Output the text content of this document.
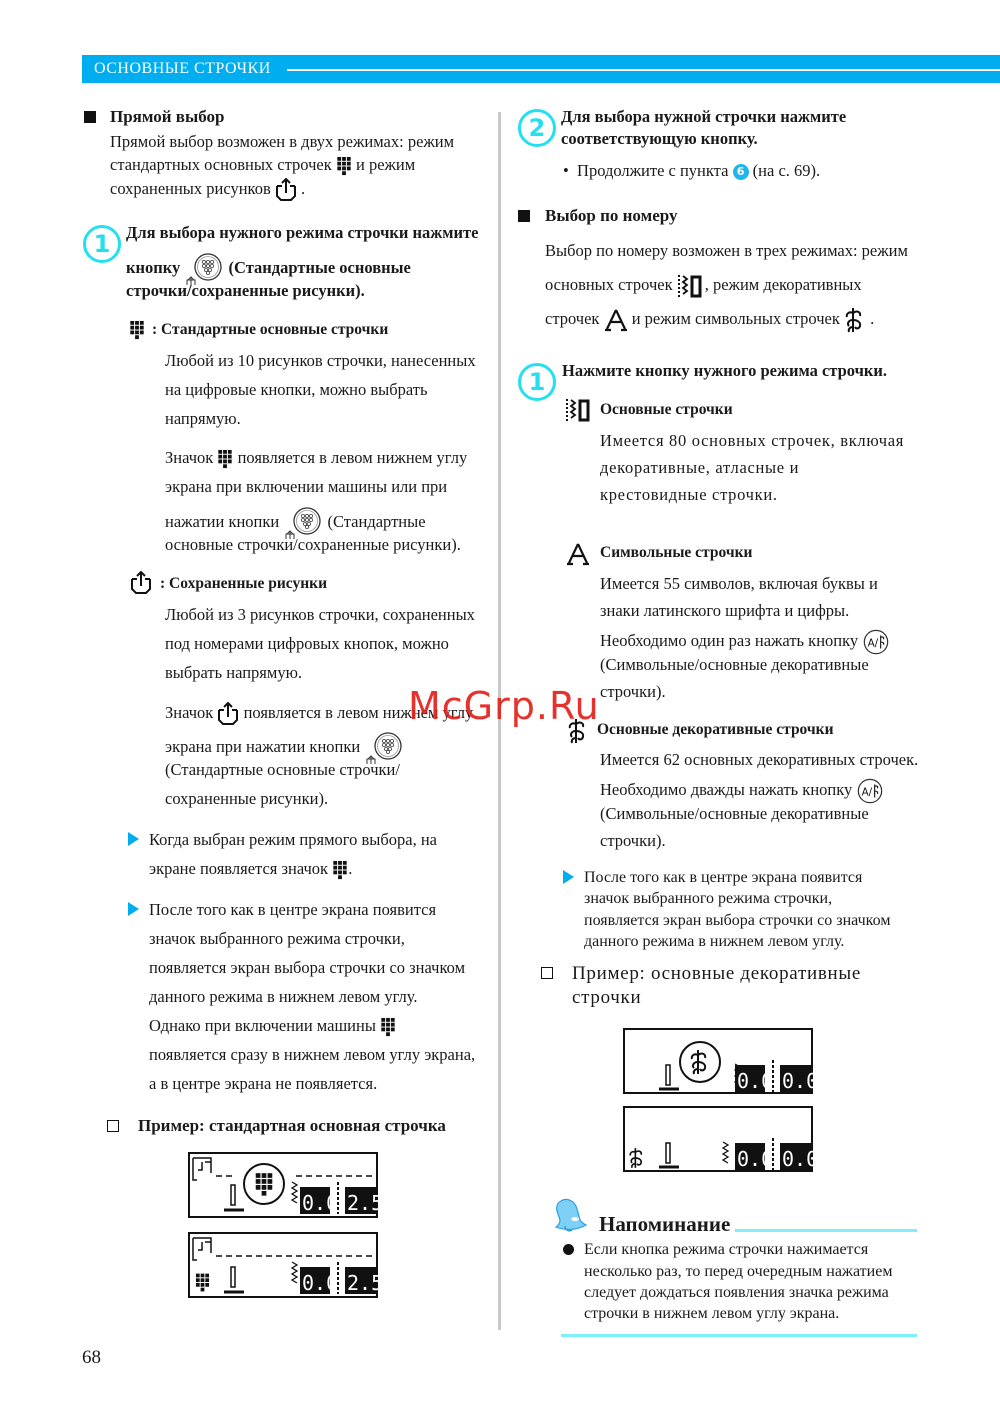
ОСНОВНЫЕ СТРОЧКИ
Прямой выбор
Прямой выбор возможен в двух режимах: режим
стандартных основных строчек и режим
сохраненных рисунков .
1 Для выбора нужного режима строчки нажмите
кнопку	(Стандартные основные
строчки/сохраненные рисунки).
: Стандартные основные строчки
Любой из 10 рисунков строчки, нанесенных
на цифровые кнопки, можно выбрать
напрямую.
Значок появляется в левом нижнем углу
экрана при включении машины или при
нажатии кнопки	(Стандартные
основные строчки/сохраненные рисунки).
: Сохраненные рисунки
Любой из 3 рисунков строчки, сохраненных
под номерами цифровых кнопок, можно
выбрать напрямую.
Значок появляется в левом нижнем углу
экрана при нажатии кнопки
(Стандартные основные строчки/
сохраненные рисунки).
Когда выбран режим прямого выбора, на
экране появляется значок .
После того как в центре экрана появится
значок выбранного режима строчки,
появляется экран выбора строчки со значком
данного режима в нижнем левом углу.
Однако при включении машины
появляется сразу в нижнем левом углу экрана,
а в центре экрана не появляется.
Пример: стандартная основная строчка
0.0 2.5
0.0 2.5
68
2 Для выбора нужной строчки нажмите
соответствующую кнопку.
• Продолжите с пункта 6 (на с. 69).
Выбор по номеру
Выбор по номеру возможен в трех режимах: режим
основных строчек , режим декоративных
строчек и режим символьных строчек .
1	Нажмите кнопку нужного режима строчки.
Основные строчки
Имеется 80 основных строчек, включая
декоративные, атласные и
крестовидные строчки.
Символьные строчки
Имеется 55 символов, включая буквы и
знаки латинского шрифта и цифры.
Необходимо один раз нажать кнопку
(Символьные/основные декоративные
строчки).
Основные декоративные строчки
Имеется 62 основных декоративных строчек.
Необходимо дважды нажать кнопку
(Символьные/основные декоративные
строчки).
После того как в центре экрана появится
значок выбранного режима строчки,
появляется экран выбора строчки со значком
данного режима в нижнем левом углу.
Пример: основные декоративные
строчки
0.0 0.0
0.0 0.0
Напоминание
Если кнопка режима строчки нажимается
несколько раз, то перед очередным нажатием
следует дождаться появления значка режима
строчки в нижнем левом углу экрана.
McGrp.Ru
